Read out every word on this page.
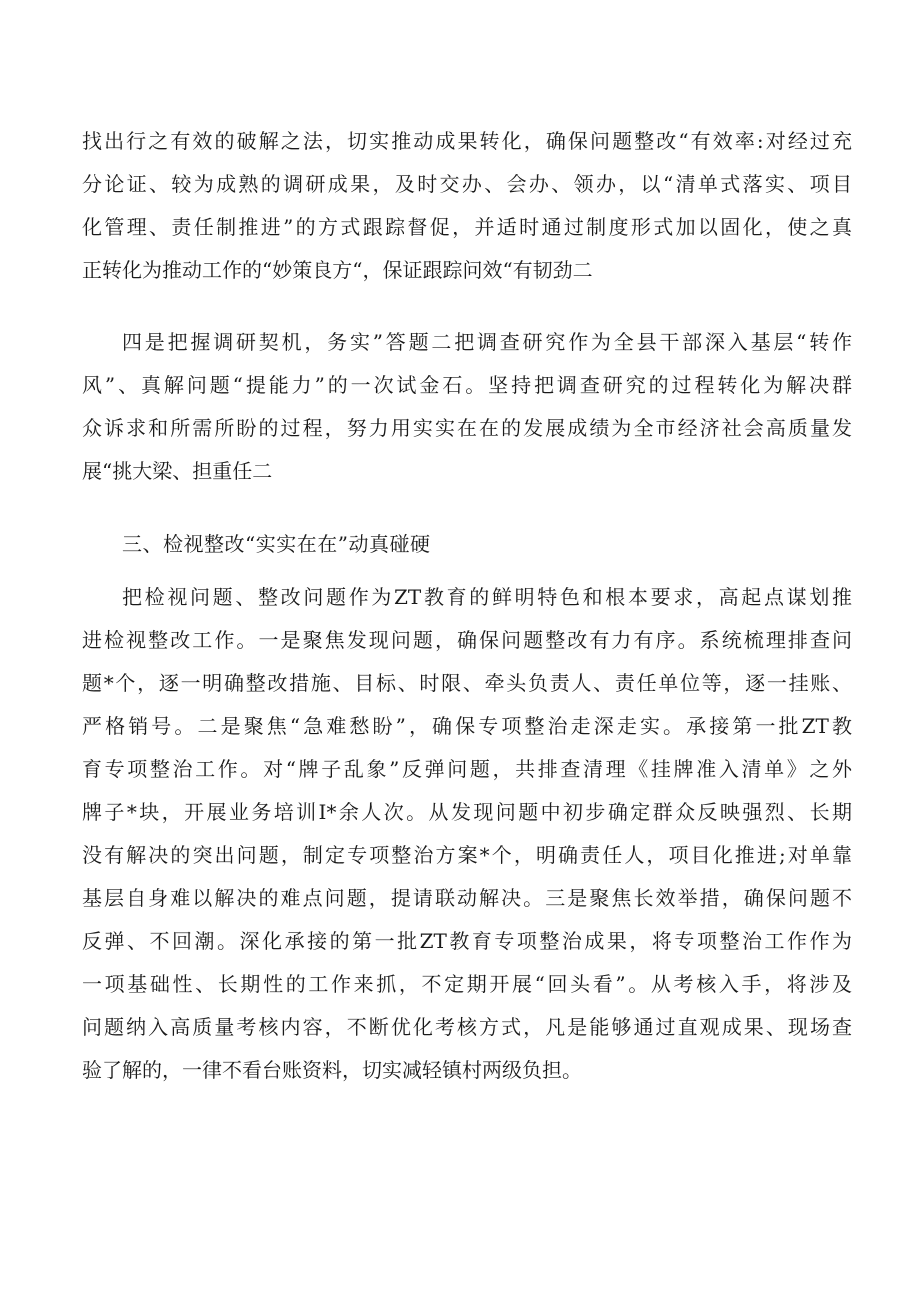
找出行之有效的破解之法，切实推动成果转化，确保问题整改“有效率:对经过充
分论证、较为成熟的调研成果，及时交办、会办、领办，以“清单式落实、项目
化管理、责任制推进”的方式跟踪督促，并适时通过制度形式加以固化，使之真
正转化为推动工作的“妙策良方“，保证跟踪问效“有韧劲二
四是把握调研契机，务实”答题二把调查研究作为全县干部深入基层“转作
风”、真解问题“提能力”的一次试金石。坚持把调查研究的过程转化为解决群
众诉求和所需所盼的过程，努力用实实在在的发展成绩为全市经济社会高质量发
展“挑大梁、担重任二
三、检视整改“实实在在”动真碰硬
把检视问题、整改问题作为ZT教育的鲜明特色和根本要求，高起点谋划推
进检视整改工作。一是聚焦发现问题，确保问题整改有力有序。系统梳理排查问
题*个，逐一明确整改措施、目标、时限、牵头负责人、责任单位等，逐一挂账、
严格销号。二是聚焦“急难愁盼”，确保专项整治走深走实。承接第一批ZT教
育专项整治工作。对“牌子乱象”反弹问题，共排查清理《挂牌准入清单》之外
牌子*块，开展业务培训I*余人次。从发现问题中初步确定群众反映强烈、长期
没有解决的突出问题，制定专项整治方案*个，明确责任人，项目化推进;对单靠
基层自身难以解决的难点问题，提请联动解决。三是聚焦长效举措，确保问题不
反弹、不回潮。深化承接的第一批ZT教育专项整治成果，将专项整治工作作为
一项基础性、长期性的工作来抓，不定期开展“回头看”。从考核入手，将涉及
问题纳入高质量考核内容，不断优化考核方式，凡是能够通过直观成果、现场查
验了解的，一律不看台账资料，切实减轻镇村两级负担。
